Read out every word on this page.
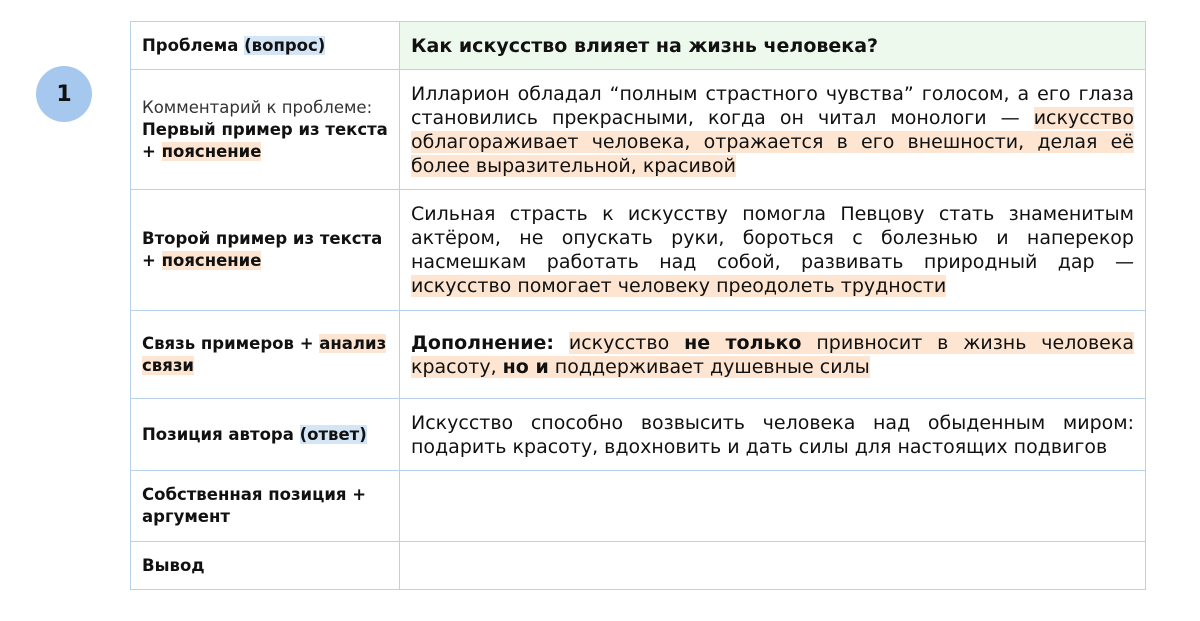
1
Проблема (вопрос)	Как искусство влияет на жизнь человека?

Комментарий к проблеме:
Первый пример из текста + пояснение	Илларион обладал “полным страстного чувства” голосом, а его глаза становились прекрасными, когда он читал монологи — искусство облагораживает человека, отражается в его внешности, делая её более выразительной, красивой
Второй пример из текста + пояснение	Сильная страсть к искусству помогла Певцову стать знаменитым актёром, не опускать руки, бороться с болезнью и наперекор насмешкам работать над собой, развивать природный дар — искусство помогает человеку преодолеть трудности
Связь примеров + анализ связи	Дополнение: искусство не только привносит в жизнь человека красоту, но и поддерживает душевные силы
Позиция автора (ответ)	Искусство способно возвысить человека над обыденным миром: подарить красоту, вдохновить и дать силы для настоящих подвигов
Собственная позиция + аргумент	
Вывод	
